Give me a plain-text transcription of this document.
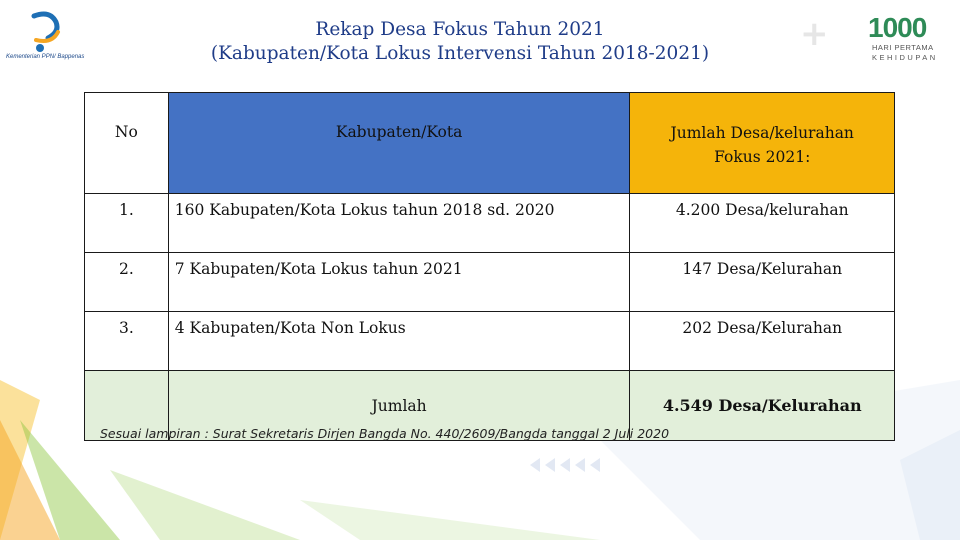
Kementerian PPN/ Bappenas
Rekap Desa Fokus Tahun 2021
(Kabupaten/Kota Lokus Intervensi Tahun 2018-2021)	+ 1000
HARI PERTAMA
KEHIDUPAN
No	Kabupaten/Kota	Jumlah Desa/kelurahan
Fokus 2021:

1.	160 Kabupaten/Kota Lokus tahun 2018 sd. 2020	4.200 Desa/kelurahan
2.	7 Kabupaten/Kota Lokus tahun 2021	147 Desa/Kelurahan
3.	4 Kabupaten/Kota Non Lokus	202 Desa/Kelurahan
	Jumlah	4.549 Desa/Kelurahan
Sesuai lampiran : Surat Sekretaris Dirjen Bangda No. 440/2609/Bangda tanggal 2 Juli 2020
